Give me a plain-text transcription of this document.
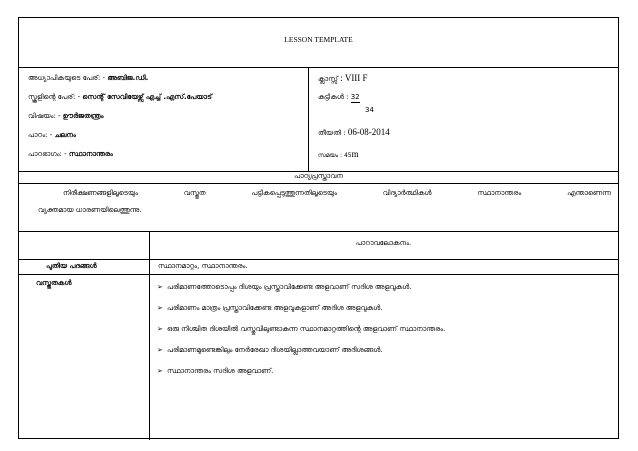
LESSON TEMPLATE
അധ്യാപികയുടെ പേര്: - അബിജ.ഡി.
സ്കൂളിന്റെ പേര്: - സെന്റ് സേവിയേഴ്സ് എച്ച് .എസ്.പേയാട്
വിഷയം: - ഊർജതന്ത്രം
പാഠം: - ചലനം
പാഠഭാഗം: - സ്ഥാനാന്തരം
ക്ലാസ്സ് : VIII F
കുട്ടികൾ : 32
34
തീയതി : 06-08-2014
സമയം : 45m
പാഠ്യപ്രസ്താവന
നിരീക്ഷണങ്ങളിലൂടെയും	വസ്തുത	പട്ടികപ്പെടുത്തുന്നതിലൂടെയും	വിദ്യാർത്ഥികൾ	സ്ഥാനാന്തരം	എന്താണെന്ന
വ്യക്തമായ ധാരണയിലെത്തുന്നു.
പാഠാവലോകനം.
പുതിയ പദങ്ങൾ	സ്ഥാനമാറ്റം, സ്ഥാനാന്തരം.
വസ്തുതകൾ	➢ പരിമാണത്തോടൊപ്പം ദിശയും പ്രസ്താവിക്കേണ്ട അളവാണ് സദിശ അളവുകൾ.
➢ പരിമാണം മാത്രം പ്രസ്താവിക്കേണ്ട അളവുകളാണ് അദിശ അളവുകൾ.
➢ ഒരു നിശ്ചിത ദിശയിൽ വസ്തുവിലുണ്ടാകുന്ന സ്ഥാനമാറ്റത്തിന്റെ അളവാണ് സ്ഥാനാന്തരം.
➢ പരിമാണമുണ്ടെങ്കിലും നേർരേഖാ ദിശയില്ലാത്തവയാണ് അദിശങ്ങൾ.
➢ സ്ഥാനാന്തരം സദിശ അളവാണ്.
